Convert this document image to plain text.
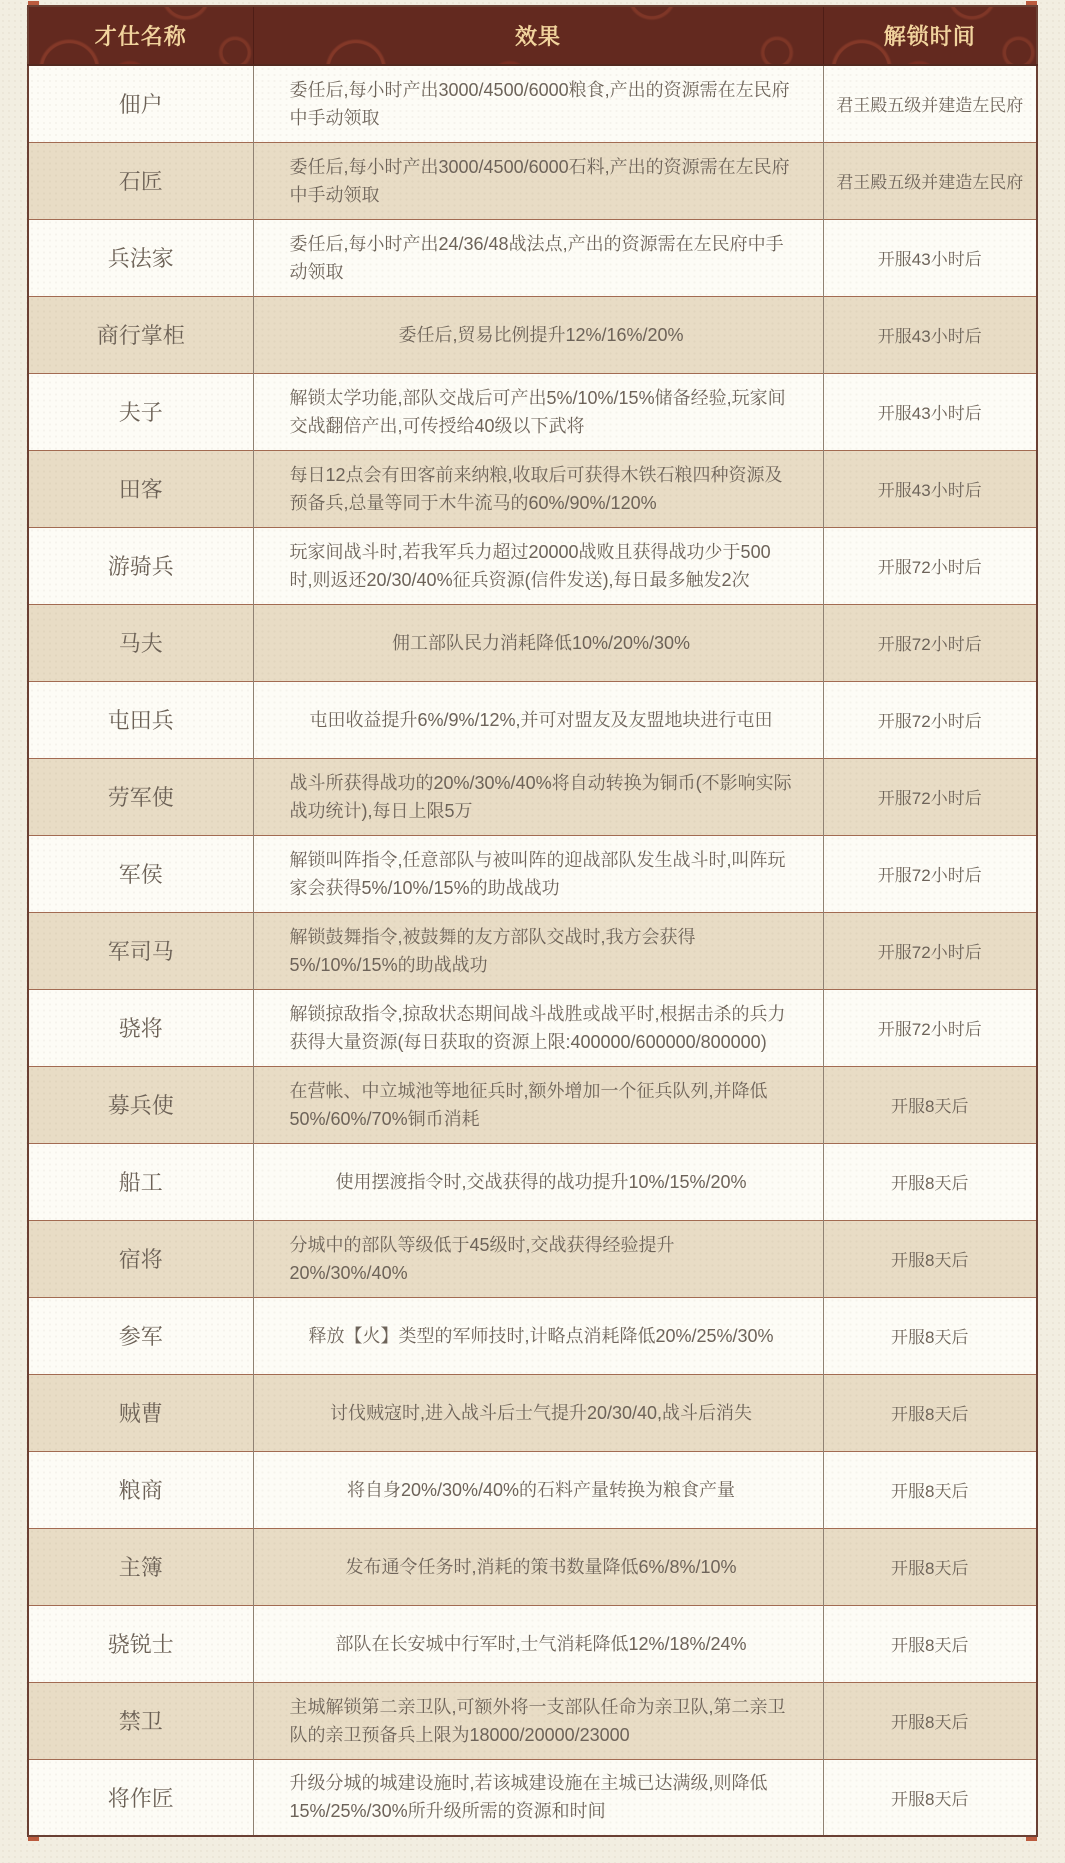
才仕名称	效果	解锁时间
佃户	委任后,每小时产出3000/4500/6000粮食,产出的资源需在左民府中手动领取	君王殿五级并建造左民府
石匠	委任后,每小时产出3000/4500/6000石料,产出的资源需在左民府中手动领取	君王殿五级并建造左民府
兵法家	委任后,每小时产出24/36/48战法点,产出的资源需在左民府中手动领取	开服43小时后
商行掌柜	委任后,贸易比例提升12%/16%/20%	开服43小时后
夫子	解锁太学功能,部队交战后可产出5%/10%/15%储备经验,玩家间交战翻倍产出,可传授给40级以下武将	开服43小时后
田客	每日12点会有田客前来纳粮,收取后可获得木铁石粮四种资源及预备兵,总量等同于木牛流马的60%/90%/120%	开服43小时后
游骑兵	玩家间战斗时,若我军兵力超过20000战败且获得战功少于500时,则返还20/30/40%征兵资源(信件发送),每日最多触发2次	开服72小时后
马夫	佣工部队民力消耗降低10%/20%/30%	开服72小时后
屯田兵	屯田收益提升6%/9%/12%,并可对盟友及友盟地块进行屯田	开服72小时后
劳军使	战斗所获得战功的20%/30%/40%将自动转换为铜币(不影响实际战功统计),每日上限5万	开服72小时后
军侯	解锁叫阵指令,任意部队与被叫阵的迎战部队发生战斗时,叫阵玩家会获得5%/10%/15%的助战战功	开服72小时后
军司马	解锁鼓舞指令,被鼓舞的友方部队交战时,我方会获得5%/10%/15%的助战战功	开服72小时后
骁将	解锁掠敌指令,掠敌状态期间战斗战胜或战平时,根据击杀的兵力获得大量资源(每日获取的资源上限:400000/600000/800000)	开服72小时后
募兵使	在营帐、中立城池等地征兵时,额外增加一个征兵队列,并降低50%/60%/70%铜币消耗	开服8天后
船工	使用摆渡指令时,交战获得的战功提升10%/15%/20%	开服8天后
宿将	分城中的部队等级低于45级时,交战获得经验提升20%/30%/40%	开服8天后
参军	释放【火】类型的军师技时,计略点消耗降低20%/25%/30%	开服8天后
贼曹	讨伐贼寇时,进入战斗后士气提升20/30/40,战斗后消失	开服8天后
粮商	将自身20%/30%/40%的石料产量转换为粮食产量	开服8天后
主簿	发布通令任务时,消耗的策书数量降低6%/8%/10%	开服8天后
骁锐士	部队在长安城中行军时,士气消耗降低12%/18%/24%	开服8天后
禁卫	主城解锁第二亲卫队,可额外将一支部队任命为亲卫队,第二亲卫队的亲卫预备兵上限为18000/20000/23000	开服8天后
将作匠	升级分城的城建设施时,若该城建设施在主城已达满级,则降低15%/25%/30%所升级所需的资源和时间	开服8天后
